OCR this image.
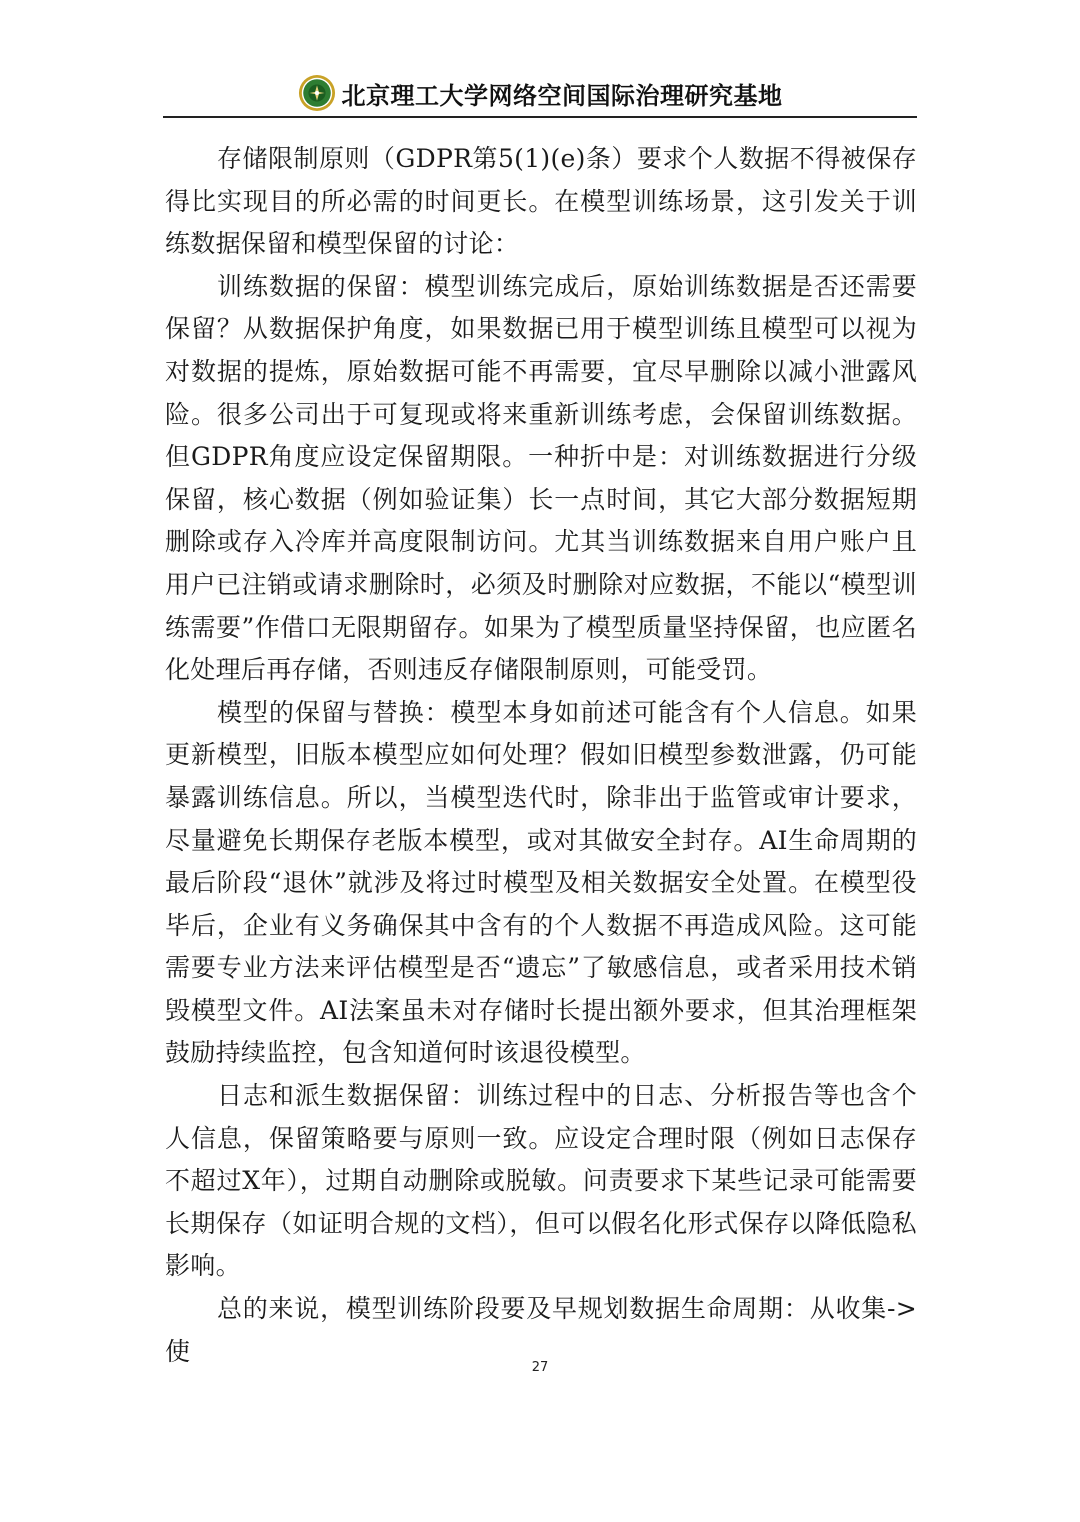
北京理工大学网络空间国际治理研究基地

存储限制原则（GDPR第5(1)(e)条）要求个人数据不得被保存得比实现目的所必需的时间更长。在模型训练场景，这引发关于训练数据保留和模型保留的讨论：

训练数据的保留：模型训练完成后，原始训练数据是否还需要保留？从数据保护角度，如果数据已用于模型训练且模型可以视为对数据的提炼，原始数据可能不再需要，宜尽早删除以减小泄露风险。很多公司出于可复现或将来重新训练考虑，会保留训练数据。但GDPR角度应设定保留期限。一种折中是：对训练数据进行分级保留，核心数据（例如验证集）长一点时间，其它大部分数据短期删除或存入冷库并高度限制访问。尤其当训练数据来自用户账户且用户已注销或请求删除时，必须及时删除对应数据，不能以“模型训练需要”作借口无限期留存。如果为了模型质量坚持保留，也应匿名化处理后再存储，否则违反存储限制原则，可能受罚。

模型的保留与替换：模型本身如前述可能含有个人信息。如果更新模型，旧版本模型应如何处理？假如旧模型参数泄露，仍可能暴露训练信息。所以，当模型迭代时，除非出于监管或审计要求，尽量避免长期保存老版本模型，或对其做安全封存。AI生命周期的最后阶段“退休”就涉及将过时模型及相关数据安全处置。在模型役毕后，企业有义务确保其中含有的个人数据不再造成风险。这可能需要专业方法来评估模型是否“遗忘”了敏感信息，或者采用技术销毁模型文件。AI法案虽未对存储时长提出额外要求，但其治理框架鼓励持续监控，包含知道何时该退役模型。

日志和派生数据保留：训练过程中的日志、分析报告等也含个人信息，保留策略要与原则一致。应设定合理时限（例如日志保存不超过X年），过期自动删除或脱敏。问责要求下某些记录可能需要长期保存（如证明合规的文档），但可以假名化形式保存以降低隐私影响。

总的来说，模型训练阶段要及早规划数据生命周期：从收集->使

27
